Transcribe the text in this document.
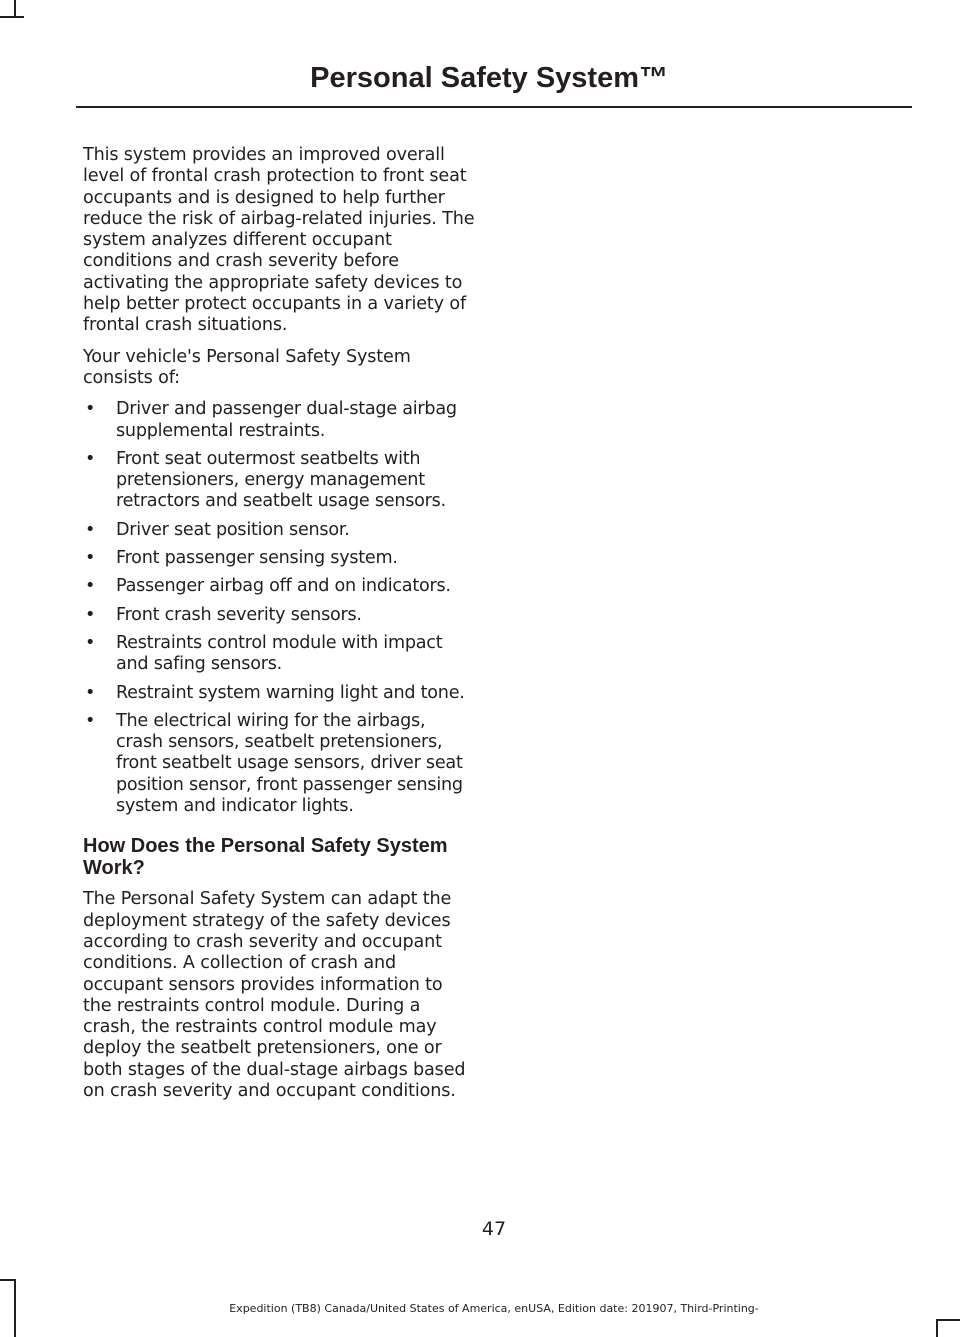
Personal Safety System™

This system provides an improved overall level of frontal crash protection to front seat occupants and is designed to help further reduce the risk of airbag-related injuries. The system analyzes different occupant conditions and crash severity before activating the appropriate safety devices to help better protect occupants in a variety of frontal crash situations.

Your vehicle's Personal Safety System consists of:

• Driver and passenger dual-stage airbag supplemental restraints.
• Front seat outermost seatbelts with pretensioners, energy management retractors and seatbelt usage sensors.
• Driver seat position sensor.
• Front passenger sensing system.
• Passenger airbag off and on indicators.
• Front crash severity sensors.
• Restraints control module with impact and safing sensors.
• Restraint system warning light and tone.
• The electrical wiring for the airbags, crash sensors, seatbelt pretensioners, front seatbelt usage sensors, driver seat position sensor, front passenger sensing system and indicator lights.
How Does the Personal Safety System Work?

The Personal Safety System can adapt the deployment strategy of the safety devices according to crash severity and occupant conditions. A collection of crash and occupant sensors provides information to the restraints control module. During a crash, the restraints control module may deploy the seatbelt pretensioners, one or both stages of the dual-stage airbags based on crash severity and occupant conditions.

47
Expedition (TB8) Canada/United States of America, enUSA, Edition date: 201907, Third-Printing-
